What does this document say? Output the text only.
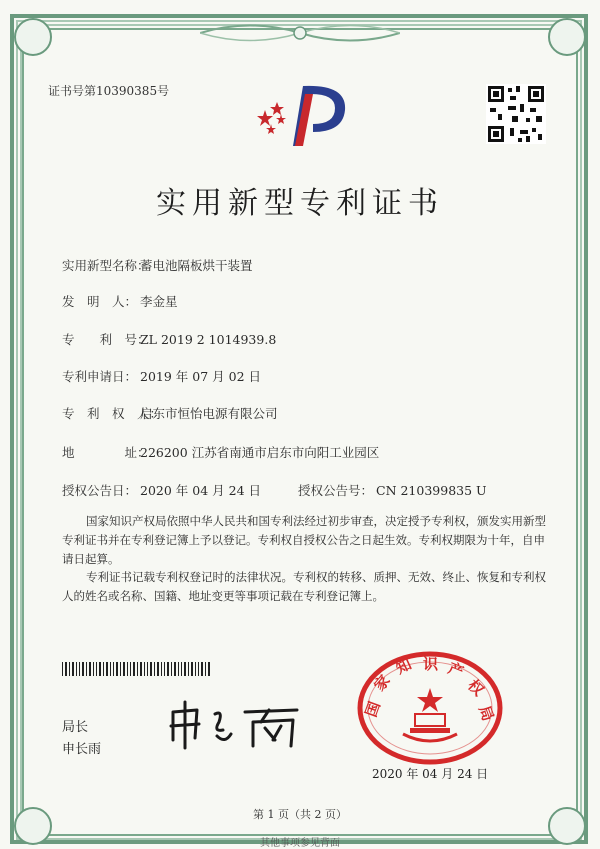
证书号第10390385号
实用新型专利证书
实用新型名称：蓄电池隔板烘干装置
发　明　人： 李金星
专　　利　号：ZL 2019 2 1014939.8
专利申请日： 2019 年 07 月 02 日
专　利　权　人：启东市恒怡电源有限公司
地　　　　址：226200 江苏省南通市启东市向阳工业园区
授权公告日： 2020 年 04 月 24 日	授权公告号： CN 210399835 U
国家知识产权局依照中华人民共和国专利法经过初步审查，决定授予专利权，颁发实用新型专利证书并在专利登记簿上予以登记。专利权自授权公告之日起生效。专利权期限为十年，自申请日起算。
专利证书记载专利权登记时的法律状况。专利权的转移、质押、无效、终止、恢复和专利权人的姓名或名称、国籍、地址变更等事项记载在专利登记簿上。
局长
申长雨
国
家
知 识 产
权
局
2020 年 04 月 24 日
第 1 页（共 2 页）
其他事项参见背面
